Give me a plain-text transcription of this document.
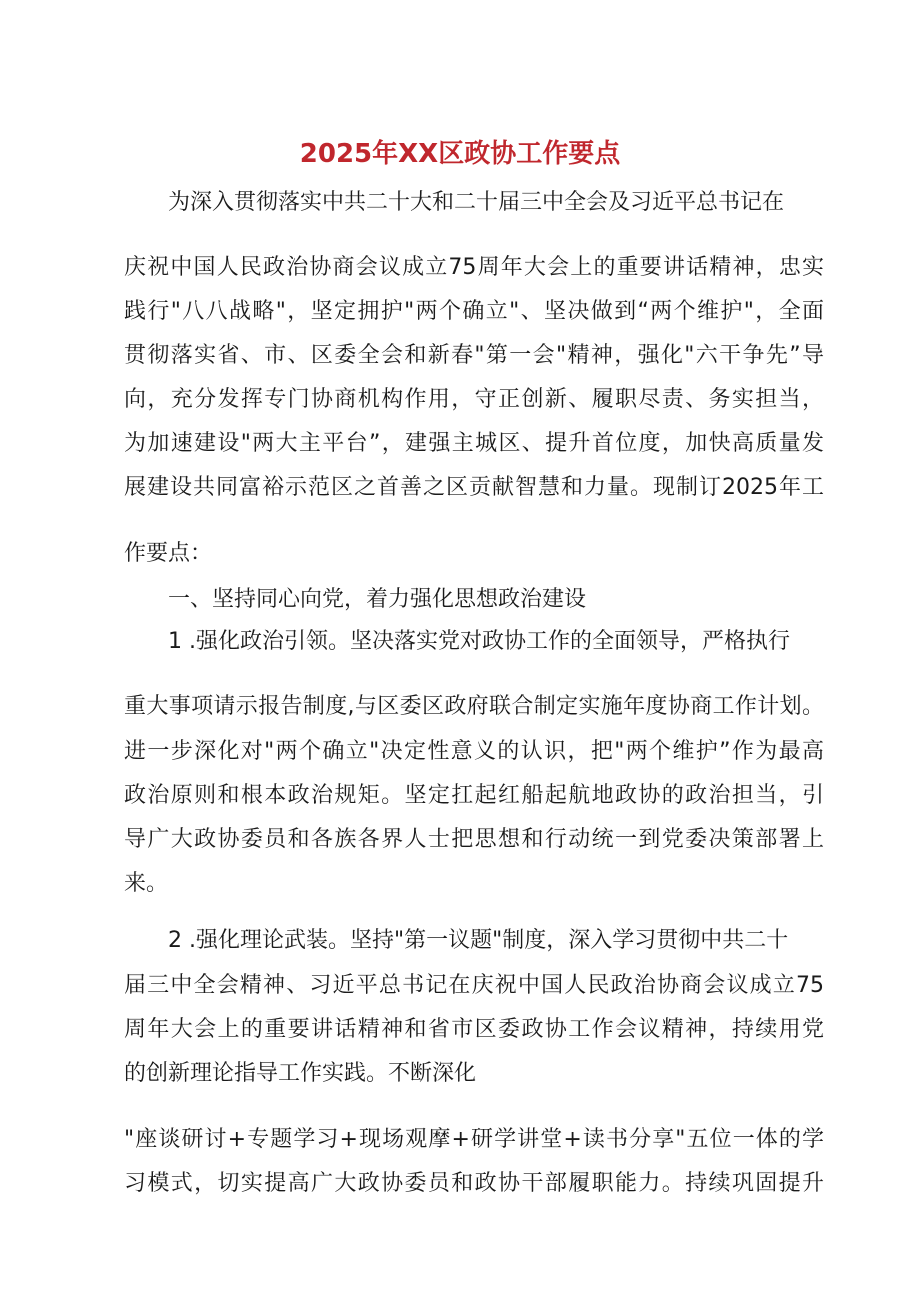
2025年XX区政协工作要点

为深入贯彻落实中共二十大和二十届三中全会及习近平总书记在

庆祝中国人民政治协商会议成立75周年大会上的重要讲话精神，忠实

践行"八八战略"，坚定拥护"两个确立"、坚决做到“两个维护"，全面

贯彻落实省、市、区委全会和新春"第一会"精神，强化"六干争先”导

向，充分发挥专门协商机构作用，守正创新、履职尽责、务实担当，

为加速建设"两大主平台”，建强主城区、提升首位度，加快高质量发

展建设共同富裕示范区之首善之区贡献智慧和力量。现制订2025年工

作要点：

一、坚持同心向党，着力强化思想政治建设

1 .强化政治引领。坚决落实党对政协工作的全面领导，严格执行

重大事项请示报告制度,与区委区政府联合制定实施年度协商工作计划。

进一步深化对"两个确立"决定性意义的认识，把"两个维护”作为最高

政治原则和根本政治规矩。坚定扛起红船起航地政协的政治担当，引

导广大政协委员和各族各界人士把思想和行动统一到党委决策部署上

来。

2 .强化理论武装。坚持"第一议题"制度，深入学习贯彻中共二十

届三中全会精神、习近平总书记在庆祝中国人民政治协商会议成立75

周年大会上的重要讲话精神和省市区委政协工作会议精神，持续用党

的创新理论指导工作实践。不断深化

"座谈研讨+专题学习+现场观摩+研学讲堂+读书分享"五位一体的学

习模式，切实提高广大政协委员和政协干部履职能力。持续巩固提升
